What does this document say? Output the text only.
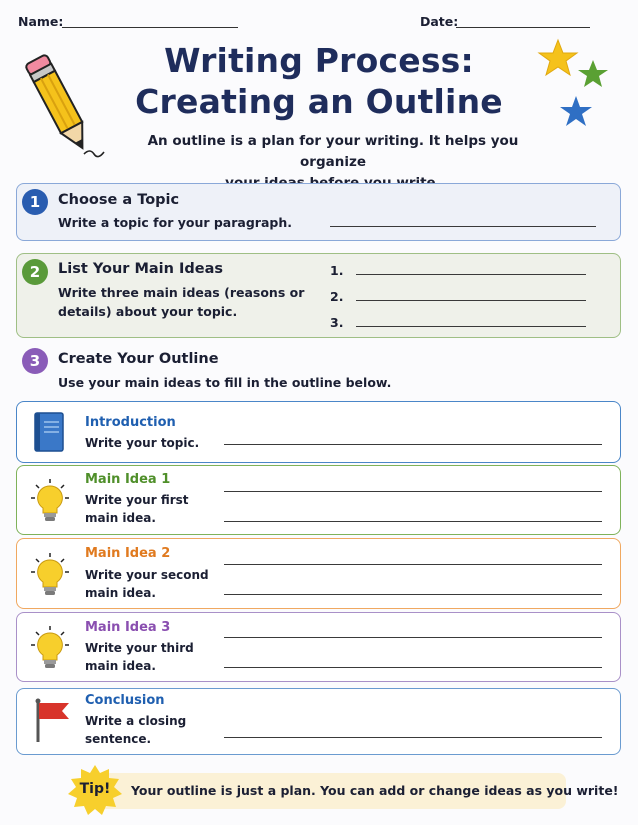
Name:	Date:
Writing Process:
Creating an Outline
An outline is a plan for your writing. It helps you organize
1	Choose a Topic
Write a topic for your paragraph.
2	List Your Main Ideas
Write three main ideas (reasons or
details) about your topic.
1.
2.
3.
3	Create Your Outline
Use your main ideas to fill in the outline below.
Introduction
Write your topic.
Main Idea 1
Write your first
main idea.
Main Idea 2
Write your second
main idea.
Main Idea 3
Write your third
main idea.
Conclusion
Write a closing
sentence.
Tip!	Your outline is just a plan. You can add or change ideas as you write!
